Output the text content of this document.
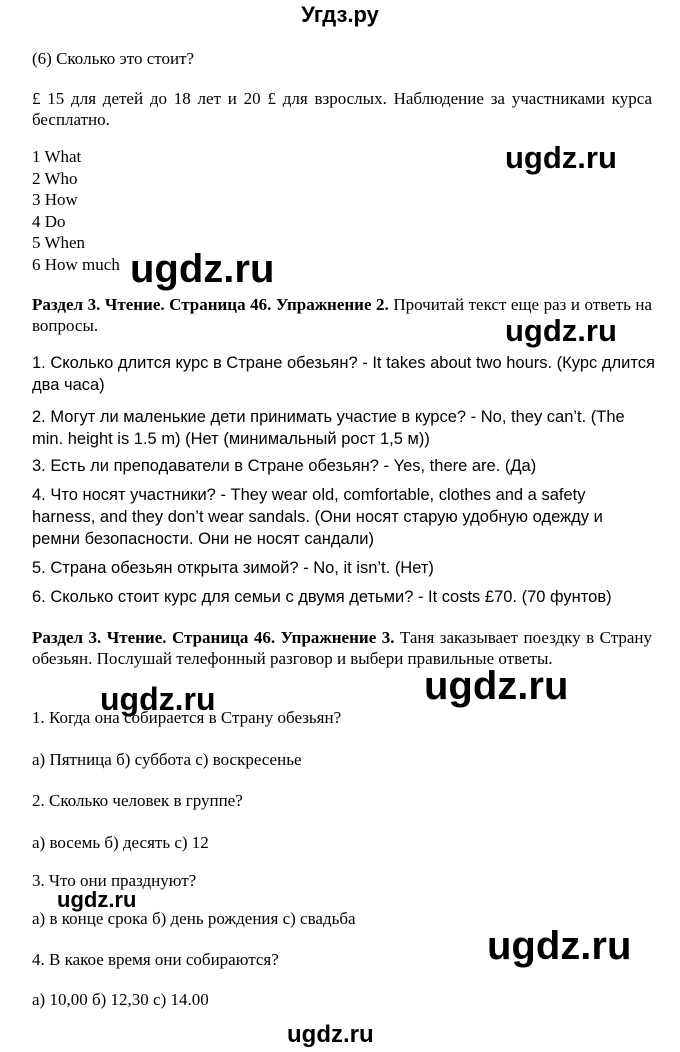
Угдз.ру
(6) Сколько это стоит?
£ 15 для детей до 18 лет и 20 £ для взрослых. Наблюдение за участниками курса бесплатно.
1 What
2 Who
3 How
4 Do
5 When
6 How much
Раздел 3. Чтение. Страница 46. Упражнение 2. Прочитай текст еще раз и ответь на вопросы.
1. Сколько длится курс в Стране обезьян? - It takes about two hours. (Курс длится два часа)
2. Могут ли маленькие дети принимать участие в курсе? - No, they can’t. (The min. height is 1.5 m) (Нет (минимальный рост 1,5 м))
3. Есть ли преподаватели в Стране обезьян? - Yes, there are. (Да)
4. Что носят участники? - They wear old, comfortable, clothes and a safety harness, and they don’t wear sandals. (Они носят старую удобную одежду и ремни безопасности. Они не носят сандали)
5. Страна обезьян открыта зимой? - No, it isn’t. (Нет)
6. Сколько стоит курс для семьи с двумя детьми? - It costs £70. (70 фунтов)
Раздел 3. Чтение. Страница 46. Упражнение 3. Таня заказывает поездку в Страну обезьян. Послушай телефонный разговор и выбери правильные ответы.
1. Когда она собирается в Страну обезьян?
а) Пятница б) суббота с) воскресенье
2. Сколько человек в группе?
а) восемь б) десять с) 12
3. Что они празднуют?
а) в конце срока б) день рождения с) свадьба
4. В какое время они собираются?
а) 10,00 б) 12,30 с) 14.00
ugdz.ru
ugdz.ru
ugdz.ru
ugdz.ru	ugdz.ru
ugdz.ru
ugdz.ru
ugdz.ru
